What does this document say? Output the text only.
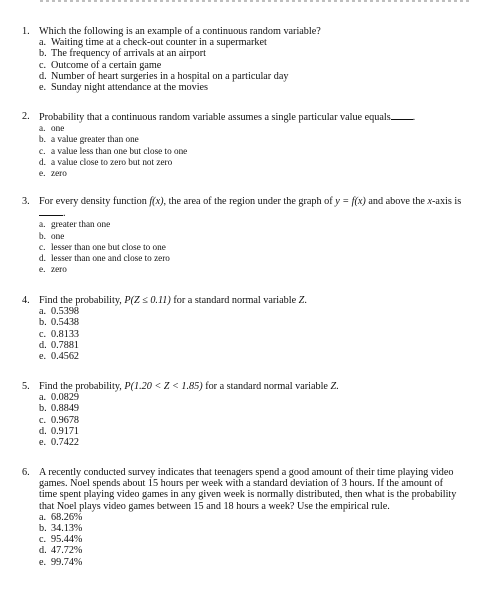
1. Which the following is an example of a continuous random variable?
a. Waiting time at a check-out counter in a supermarket
b. The frequency of arrivals at an airport
c. Outcome of a certain game
d. Number of heart surgeries in a hospital on a particular day
e. Sunday night attendance at the movies
2. Probability that a continuous random variable assumes a single particular value equals .
a. one
b. a value greater than one
c. a value less than one but close to one
d. a value close to zero but not zero
e. zero
3. For every density function f(x), the area of the region under the graph of y = f(x) and above the x-axis is .
a. greater than one
b. one
c. lesser than one but close to one
d. lesser than one and close to zero
e. zero
4. Find the probability, P(Z ≤ 0.11) for a standard normal variable Z.
a. 0.5398
b. 0.5438
c. 0.8133
d. 0.7881
e. 0.4562
5. Find the probability, P(1.20 < Z < 1.85) for a standard normal variable Z.
a. 0.0829
b. 0.8849
c. 0.9678
d. 0.9171
e. 0.7422
6. A recently conducted survey indicates that teenagers spend a good amount of their time playing video games. Noel spends about 15 hours per week with a standard deviation of 3 hours. If the amount of time spent playing video games in any given week is normally distributed, then what is the probability that Noel plays video games between 15 and 18 hours a week? Use the empirical rule.
a. 68.26%
b. 34.13%
c. 95.44%
d. 47.72%
e. 99.74%
